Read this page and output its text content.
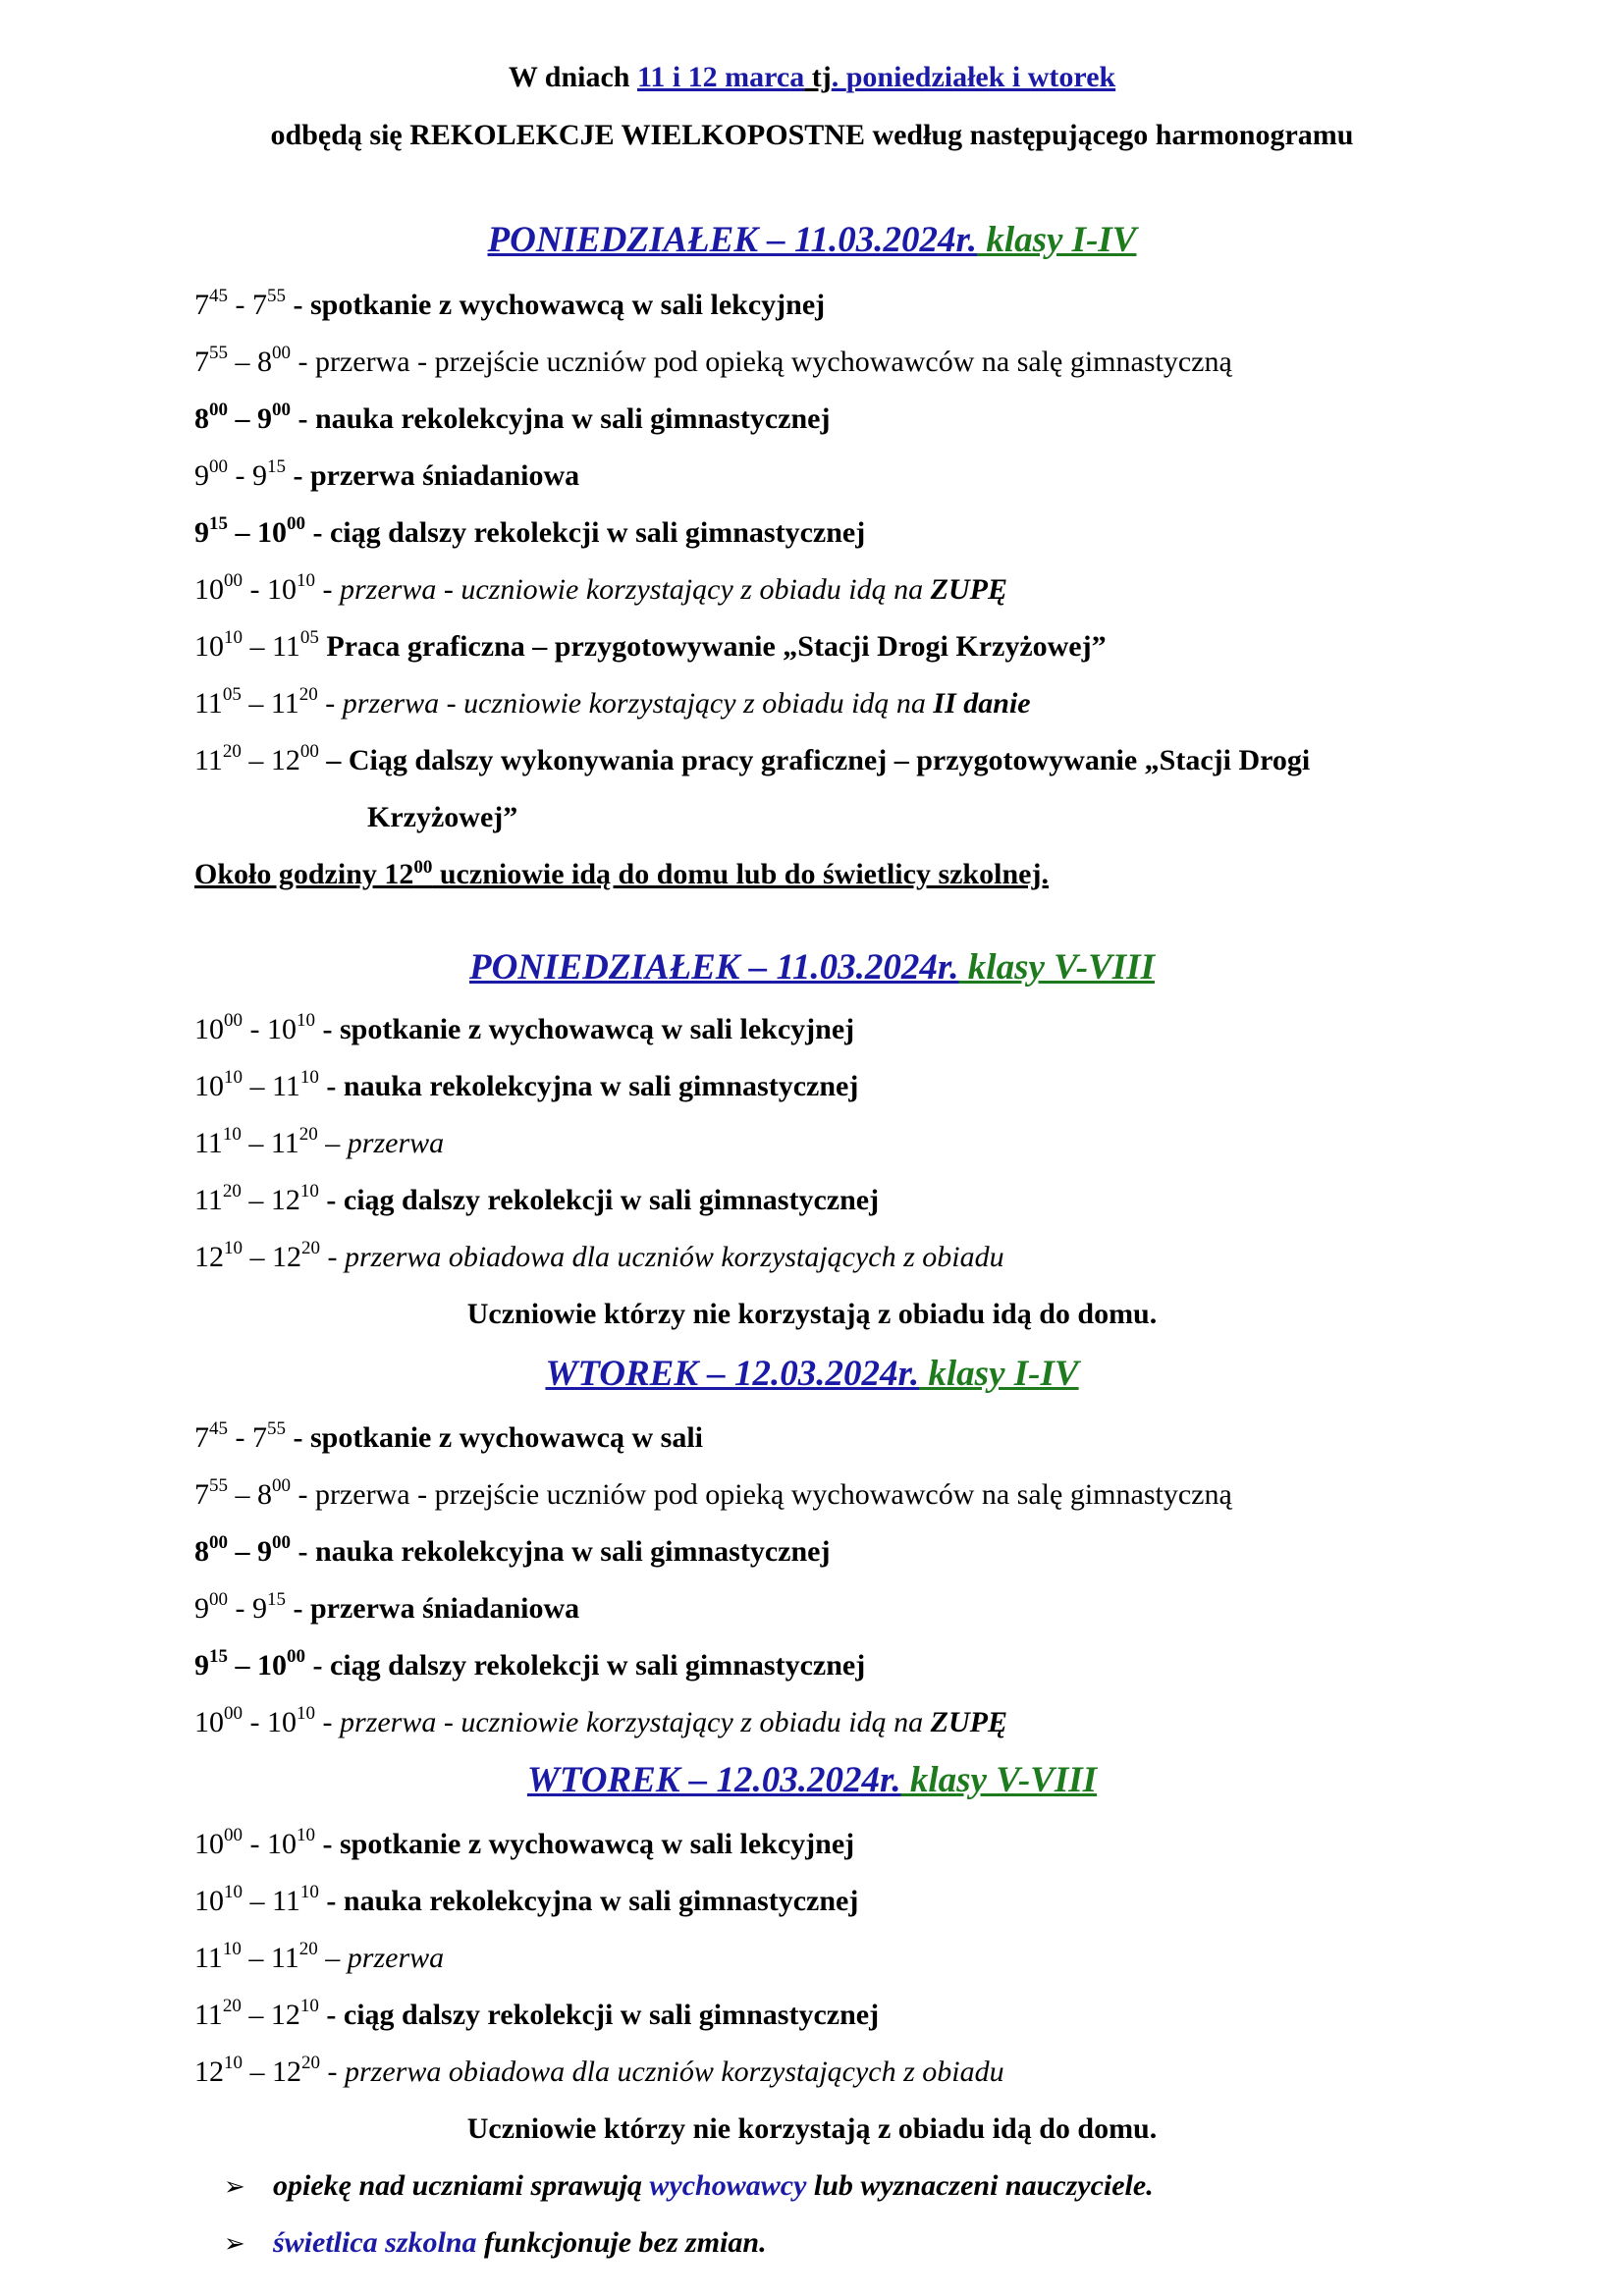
W dniach 11 i 12 marca tj. poniedziałek i wtorek
odbędą się REKOLEKCJE WIELKOPOSTNE według następującego harmonogramu
PONIEDZIAŁEK – 11.03.2024r. klasy I-IV
$7^{45} - 7^{55}$ - spotkanie z wychowawcą w sali lekcyjnej
$7^{55} - 8^{00}$ - przerwa - przejście uczniów pod opieką wychowawców na salę gimnastyczną
$8^{00} - 9^{00}$ - nauka rekolekcyjna w sali gimnastycznej
$9^{00} - 9^{15}$ - przerwa śniadaniowa
$9^{15} - 10^{00}$ - ciąg dalszy rekolekcji w sali gimnastycznej
$10^{00} - 10^{10}$ - przerwa - uczniowie korzystający z obiadu idą na ZUPĘ
$10^{10} - 11^{05}$ Praca graficzna – przygotowywanie „Stacji Drogi Krzyżowej”
$11^{05} - 11^{20}$ - przerwa - uczniowie korzystający z obiadu idą na II danie
$11^{20} - 12^{00}$ – Ciąg dalszy wykonywania pracy graficznej – przygotowywanie „Stacji Drogi
Krzyżowej”
Około godziny $12^{00}$ uczniowie idą do domu lub do świetlicy szkolnej.
PONIEDZIAŁEK – 11.03.2024r. klasy V-VIII
$10^{00} - 10^{10}$ - spotkanie z wychowawcą w sali lekcyjnej
$10^{10} - 11^{10}$ - nauka rekolekcyjna w sali gimnastycznej
$11^{10} - 11^{20}$ – przerwa
$11^{20} - 12^{10}$ - ciąg dalszy rekolekcji w sali gimnastycznej
$12^{10} - 12^{20}$ - przerwa obiadowa dla uczniów korzystających z obiadu
Uczniowie którzy nie korzystają z obiadu idą do domu.
WTOREK – 12.03.2024r. klasy I-IV
$7^{45} - 7^{55}$ - spotkanie z wychowawcą w sali
$7^{55} - 8^{00}$ - przerwa - przejście uczniów pod opieką wychowawców na salę gimnastyczną
$8^{00} - 9^{00}$ - nauka rekolekcyjna w sali gimnastycznej
$9^{00} - 9^{15}$ - przerwa śniadaniowa
$9^{15} - 10^{00}$ - ciąg dalszy rekolekcji w sali gimnastycznej
$10^{00} - 10^{10}$ - przerwa - uczniowie korzystający z obiadu idą na ZUPĘ
WTOREK – 12.03.2024r. klasy V-VIII
$10^{00} - 10^{10}$ - spotkanie z wychowawcą w sali lekcyjnej
$10^{10} - 11^{10}$ - nauka rekolekcyjna w sali gimnastycznej
$11^{10} - 11^{20}$ – przerwa
$11^{20} - 12^{10}$ - ciąg dalszy rekolekcji w sali gimnastycznej
$12^{10} - 12^{20}$ - przerwa obiadowa dla uczniów korzystających z obiadu
Uczniowie którzy nie korzystają z obiadu idą do domu.
➢ opiekę nad uczniami sprawują wychowawcy lub wyznaczeni nauczyciele.
➢ świetlica szkolna funkcjonuje bez zmian.
